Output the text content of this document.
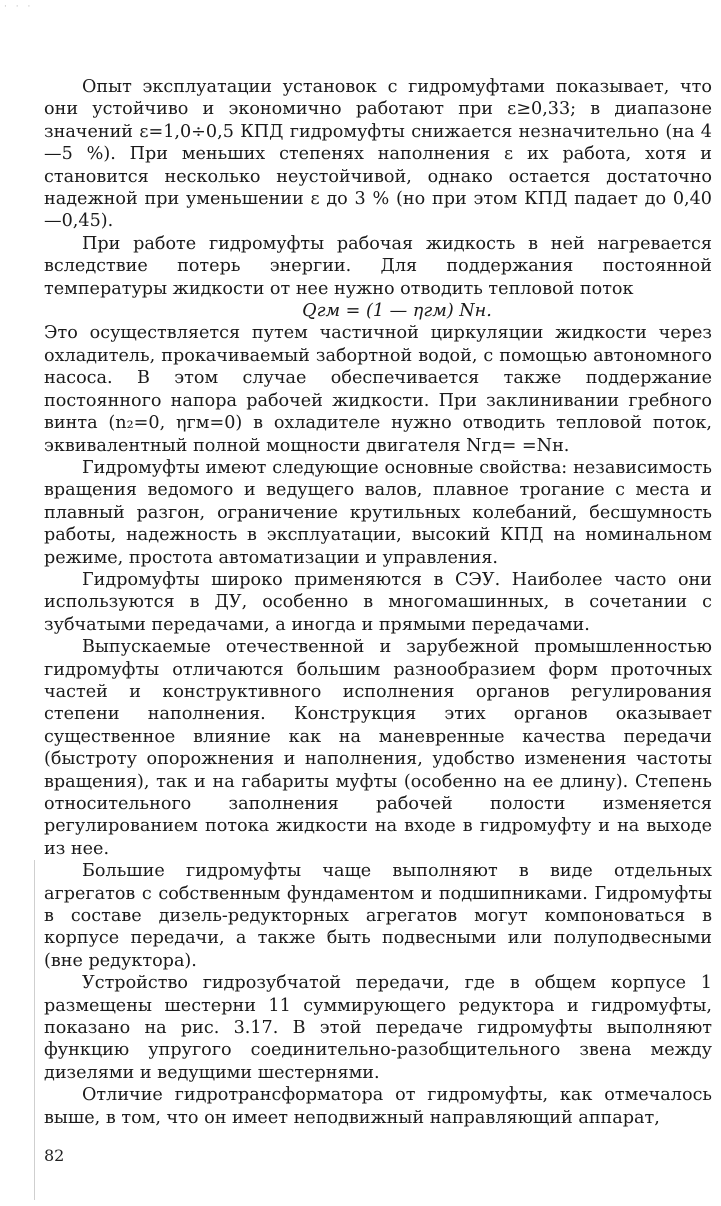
· · ·

Опыт эксплуатации установок с гидромуфтами показывает, что они устойчиво и экономично работают при ε≥0,33; в диапазоне значений ε=1,0÷0,5 КПД гидромуфты снижается незначительно (на 4—5 %). При меньших степенях наполнения ε их работа, хотя и становится несколько неустойчивой, однако остается достаточно надежной при уменьшении ε до 3 % (но при этом КПД падает до 0,40—0,45).

При работе гидромуфты рабочая жидкость в ней нагревается вследствие потерь энергии. Для поддержания постоянной температуры жидкости от нее нужно отводить тепловой поток

Qгм = (1 — ηгм) Nн.

Это осуществляется путем частичной циркуляции жидкости через охладитель, прокачиваемый забортной водой, с помощью автономного насоса. В этом случае обеспечивается также поддержание постоянного напора рабочей жидкости. При заклинивании гребного винта (n₂=0, ηгм=0) в охладителе нужно отводить тепловой поток, эквивалентный полной мощности двигателя Nгд= =Nн.

Гидромуфты имеют следующие основные свойства: независимость вращения ведомого и ведущего валов, плавное трогание с места и плавный разгон, ограничение крутильных колебаний, бесшумность работы, надежность в эксплуатации, высокий КПД на номинальном режиме, простота автоматизации и управления.

Гидромуфты широко применяются в СЭУ. Наиболее часто они используются в ДУ, особенно в многомашинных, в сочетании с зубчатыми передачами, а иногда и прямыми передачами.

Выпускаемые отечественной и зарубежной промышленностью гидромуфты отличаются большим разнообразием форм проточных частей и конструктивного исполнения органов регулирования степени наполнения. Конструкция этих органов оказывает существенное влияние как на маневренные качества передачи (быстроту опорожнения и наполнения, удобство изменения частоты вращения), так и на габариты муфты (особенно на ее длину). Степень относительного заполнения рабочей полости изменяется регулированием потока жидкости на входе в гидромуфту и на выходе из нее.

Большие гидромуфты чаще выполняют в виде отдельных агрегатов с собственным фундаментом и подшипниками. Гидромуфты в составе дизель-редукторных агрегатов могут компоноваться в корпусе передачи, а также быть подвесными или полуподвесными (вне редуктора).

Устройство гидрозубчатой передачи, где в общем корпусе 1 размещены шестерни 11 суммирующего редуктора и гидромуфты, показано на рис. 3.17. В этой передаче гидромуфты выполняют функцию упругого соединительно-разобщительного звена между дизелями и ведущими шестернями.

Отличие гидротрансформатора от гидромуфты, как отмечалось выше, в том, что он имеет неподвижный направляющий аппарат,

82
